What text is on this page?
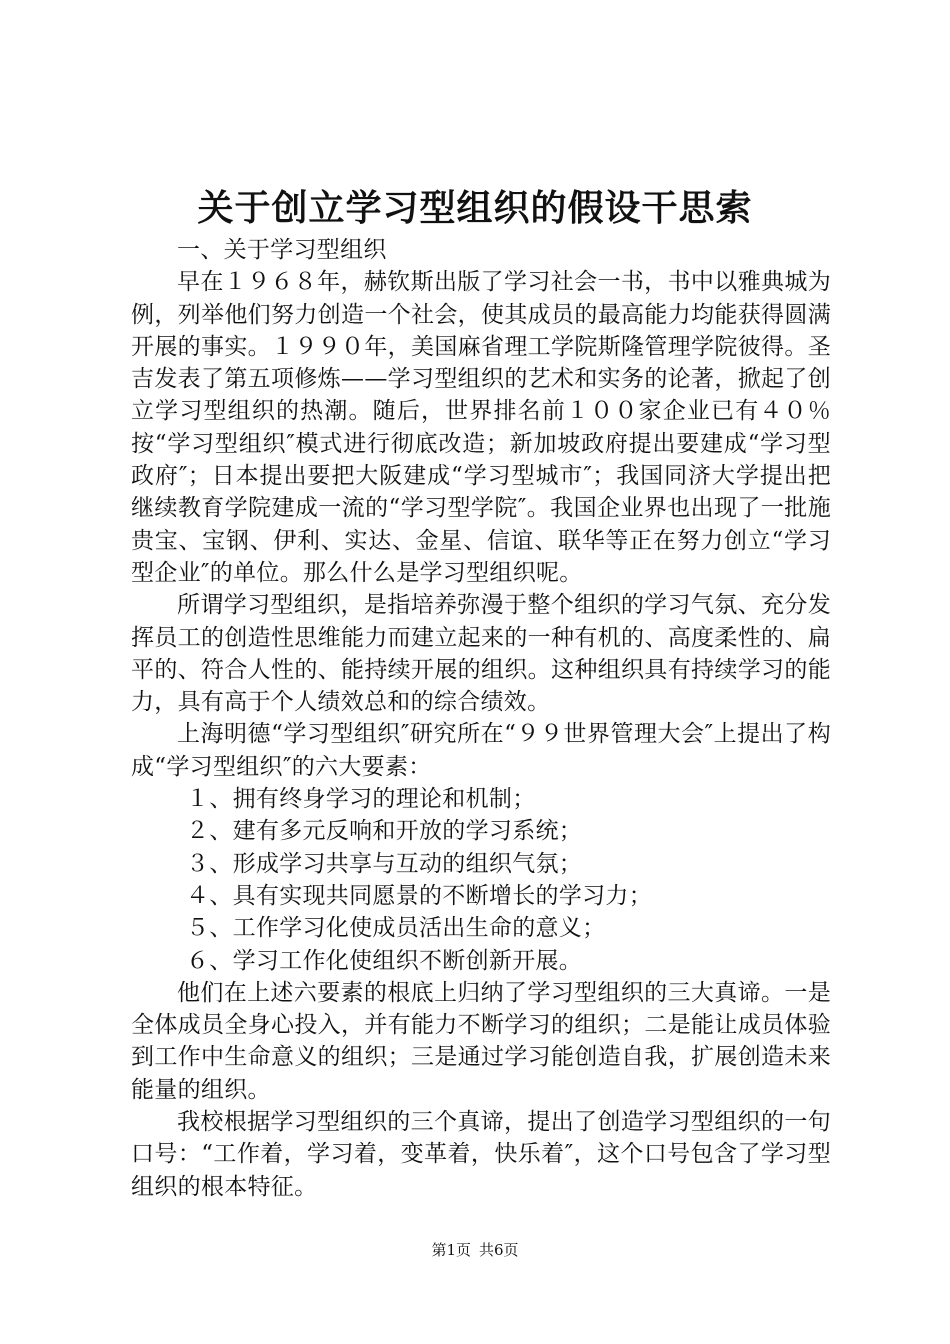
关于创立学习型组织的假设干思索

一、关于学习型组织

早在１９６８年，赫钦斯出版了学习社会一书，书中以雅典城为例，列举他们努力创造一个社会，使其成员的最高能力均能获得圆满开展的事实。１９９０年，美国麻省理工学院斯隆管理学院彼得。圣吉发表了第五项修炼——学习型组织的艺术和实务的论著，掀起了创立学习型组织的热潮。随后，世界排名前１００家企业已有４０％按“学习型组织″模式进行彻底改造；新加坡政府提出要建成“学习型政府″；日本提出要把大阪建成“学习型城市″；我国同济大学提出把继续教育学院建成一流的“学习型学院″。我国企业界也出现了一批施贵宝、宝钢、伊利、实达、金星、信谊、联华等正在努力创立“学习型企业″的单位。那么什么是学习型组织呢。

所谓学习型组织，是指培养弥漫于整个组织的学习气氛、充分发挥员工的创造性思维能力而建立起来的一种有机的、高度柔性的、扁平的、符合人性的、能持续开展的组织。这种组织具有持续学习的能力，具有高于个人绩效总和的综合绩效。

上海明德“学习型组织″研究所在“９９世界管理大会″上提出了构成“学习型组织″的六大要素：

１、拥有终身学习的理论和机制；

２、建有多元反响和开放的学习系统；

３、形成学习共享与互动的组织气氛；

４、具有实现共同愿景的不断增长的学习力；

５、工作学习化使成员活出生命的意义；

６、学习工作化使组织不断创新开展。

他们在上述六要素的根底上归纳了学习型组织的三大真谛。一是全体成员全身心投入，并有能力不断学习的组织；二是能让成员体验到工作中生命意义的组织；三是通过学习能创造自我，扩展创造未来能量的组织。

我校根据学习型组织的三个真谛，提出了创造学习型组织的一句口号：“工作着，学习着，变革着，快乐着″，这个口号包含了学习型组织的根本特征。

第1页 共6页
